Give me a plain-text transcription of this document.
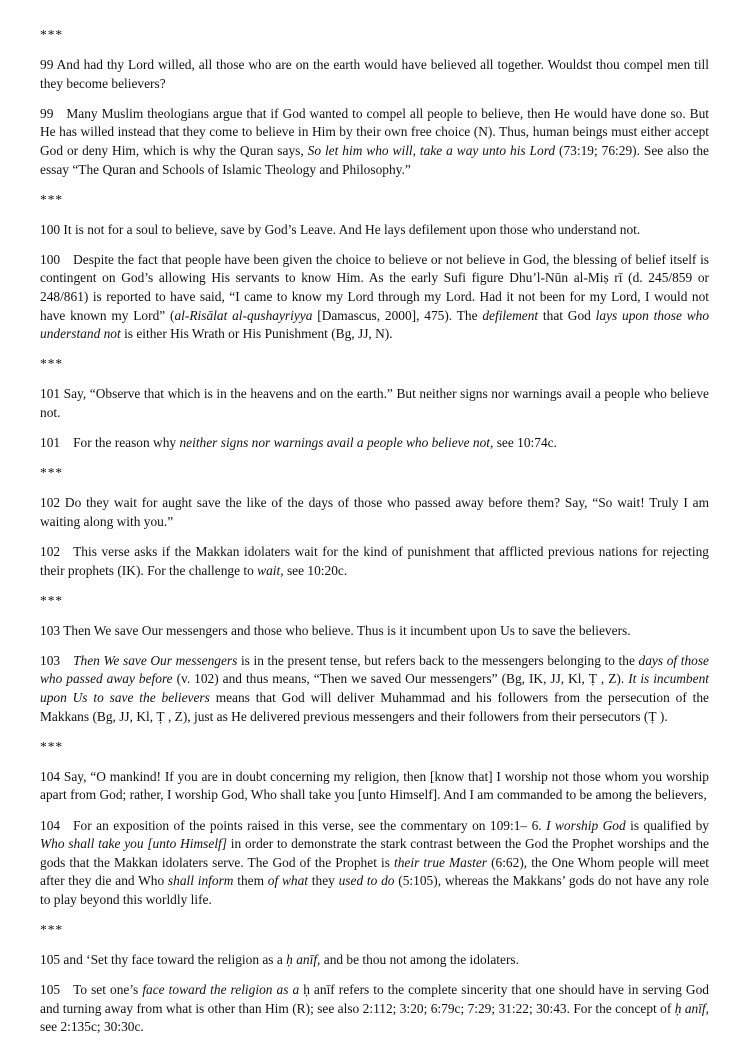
***

99 And had thy Lord willed, all those who are on the earth would have believed all together. Wouldst thou compel men till they become believers?

99 Many Muslim theologians argue that if God wanted to compel all people to believe, then He would have done so. But He has willed instead that they come to believe in Him by their own free choice (N). Thus, human beings must either accept God or deny Him, which is why the Quran says, So let him who will, take a way unto his Lord (73:19; 76:29). See also the essay “The Quran and Schools of Islamic Theology and Philosophy.”

***

100 It is not for a soul to believe, save by God’s Leave. And He lays defilement upon those who understand not.

100 Despite the fact that people have been given the choice to believe or not believe in God, the blessing of belief itself is contingent on God’s allowing His servants to know Him. As the early Sufi figure Dhu’l-Nūn al-Miṣ rī (d. 245/859 or 248/861) is reported to have said, “I came to know my Lord through my Lord. Had it not been for my Lord, I would not have known my Lord” (al-Risālat al-qushayriyya [Damascus, 2000], 475). The defilement that God lays upon those who understand not is either His Wrath or His Punishment (Bg, JJ, N).

***

101 Say, “Observe that which is in the heavens and on the earth.” But neither signs nor warnings avail a people who believe not.

101 For the reason why neither signs nor warnings avail a people who believe not, see 10:74c.

***

102 Do they wait for aught save the like of the days of those who passed away before them? Say, “So wait! Truly I am waiting along with you.”

102 This verse asks if the Makkan idolaters wait for the kind of punishment that afflicted previous nations for rejecting their prophets (IK). For the challenge to wait, see 10:20c.

***

103 Then We save Our messengers and those who believe. Thus is it incumbent upon Us to save the believers.

103 Then We save Our messengers is in the present tense, but refers back to the messengers belonging to the days of those who passed away before (v. 102) and thus means, “Then we saved Our messengers” (Bg, IK, JJ, Kl, Ṭ , Z). It is incumbent upon Us to save the believers means that God will deliver Muhammad and his followers from the persecution of the Makkans (Bg, JJ, Kl, Ṭ , Z), just as He delivered previous messengers and their followers from their persecutors (Ṭ ).

***

104 Say, “O mankind! If you are in doubt concerning my religion, then [know that] I worship not those whom you worship apart from God; rather, I worship God, Who shall take you [unto Himself]. And I am commanded to be among the believers,

104 For an exposition of the points raised in this verse, see the commentary on 109:1– 6. I worship God is qualified by Who shall take you [unto Himself] in order to demonstrate the stark contrast between the God the Prophet worships and the gods that the Makkan idolaters serve. The God of the Prophet is their true Master (6:62), the One Whom people will meet after they die and Who shall inform them of what they used to do (5:105), whereas the Makkans’ gods do not have any role to play beyond this worldly life.

***

105 and ‘Set thy face toward the religion as a ḥ anīf, and be thou not among the idolaters.

105 To set one’s face toward the religion as a ḥ anīf refers to the complete sincerity that one should have in serving God and turning away from what is other than Him (R); see also 2:112; 3:20; 6:79c; 7:29; 31:22; 30:43. For the concept of ḥ anīf, see 2:135c; 30:30c.
